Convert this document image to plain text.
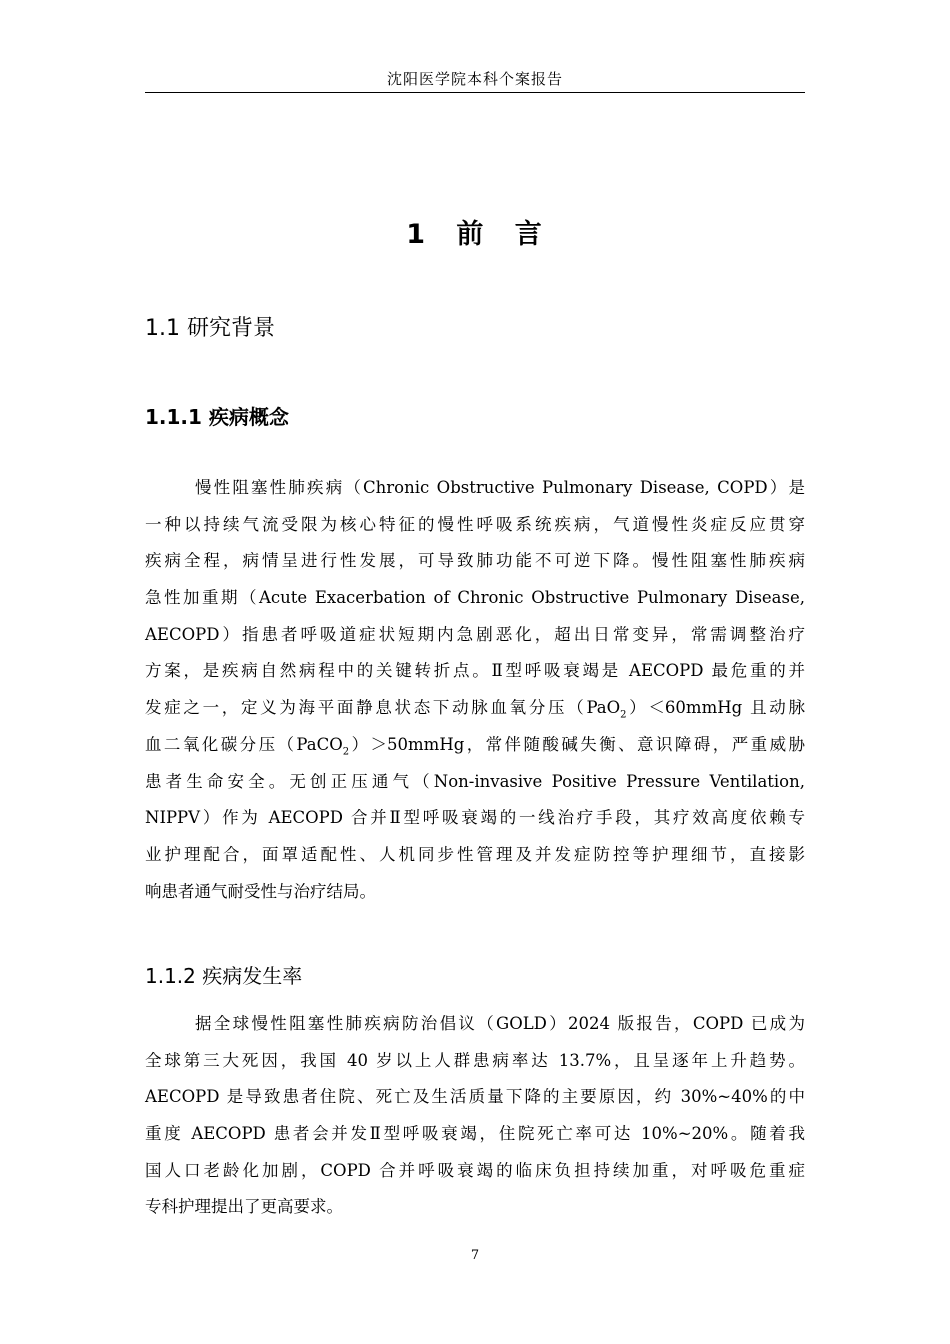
沈阳医学院本科个案报告
1 前 言
1.1 研究背景
1.1.1 疾病概念
慢性阻塞性肺疾病（Chronic Obstructive Pulmonary Disease, COPD）是
一种以持续气流受限为核心特征的慢性呼吸系统疾病，气道慢性炎症反应贯穿
疾病全程，病情呈进行性发展，可导致肺功能不可逆下降。慢性阻塞性肺疾病
急性加重期（Acute Exacerbation of Chronic Obstructive Pulmonary Disease,
AECOPD）指患者呼吸道症状短期内急剧恶化，超出日常变异，常需调整治疗
方案，是疾病自然病程中的关键转折点。Ⅱ型呼吸衰竭是 AECOPD 最危重的并
发症之一，定义为海平面静息状态下动脉血氧分压（PaO$_2$）＜60mmHg 且动脉
血二氧化碳分压（PaCO$_2$）＞50mmHg，常伴随酸碱失衡、意识障碍，严重威胁
患者生命安全。无创正压通气（Non-invasive Positive Pressure Ventilation,
NIPPV）作为 AECOPD 合并Ⅱ型呼吸衰竭的一线治疗手段，其疗效高度依赖专
业护理配合，面罩适配性、人机同步性管理及并发症防控等护理细节，直接影
响患者通气耐受性与治疗结局。
1.1.2 疾病发生率
据全球慢性阻塞性肺疾病防治倡议（GOLD）2024 版报告，COPD 已成为
全球第三大死因，我国 40 岁以上人群患病率达 13.7%，且呈逐年上升趋势。
AECOPD 是导致患者住院、死亡及生活质量下降的主要原因，约 30%~40%的中
重度 AECOPD 患者会并发Ⅱ型呼吸衰竭，住院死亡率可达 10%~20%。随着我
国人口老龄化加剧，COPD 合并呼吸衰竭的临床负担持续加重，对呼吸危重症
专科护理提出了更高要求。
7
